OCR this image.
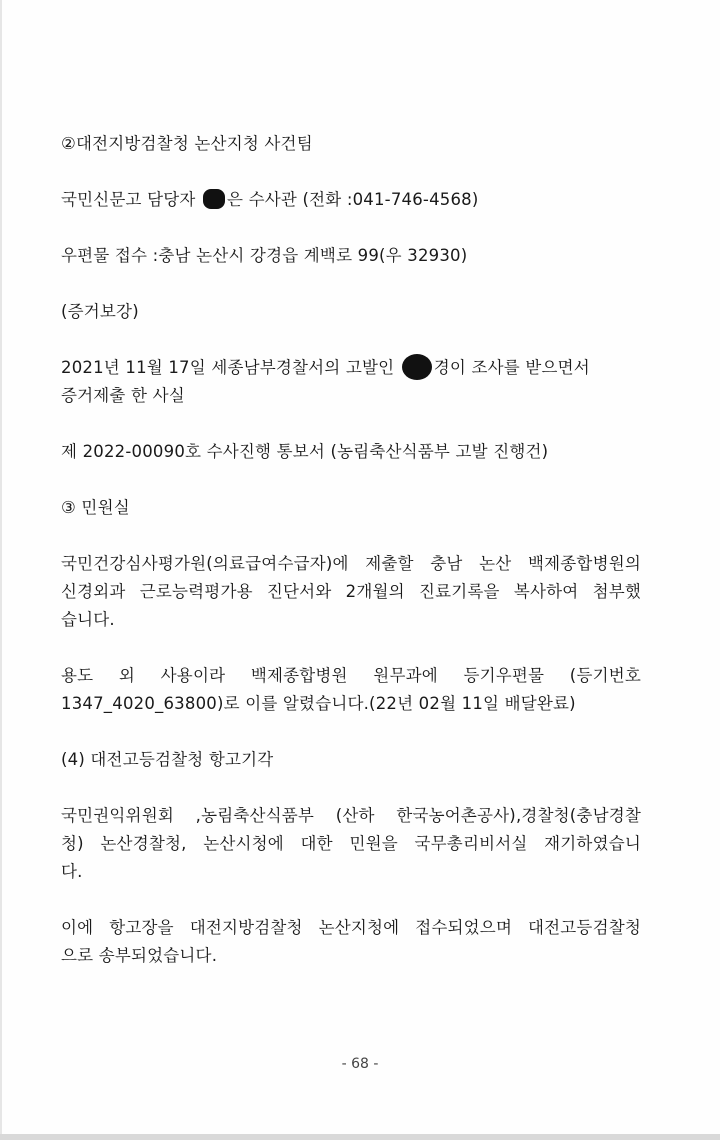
②대전지방검찰청 논산지청 사건팀
국민신문고 담당자 은 수사관 (전화 :041-746-4568)
우편물 접수 :충남 논산시 강경읍 계백로 99(우 32930)
(증거보강)
2021년 11월 17일 세종남부경찰서의 고발인 경이 조사를 받으면서
증거제출 한 사실
제 2022-00090호 수사진행 통보서 (농림축산식품부 고발 진행건)
③ 민원실
국민건강심사평가원(의료급여수급자)에 제출할 충남 논산 백제종합병원의
신경외과 근로능력평가용 진단서와 2개월의 진료기록을 복사하여 첨부했
습니다.
용도 외 사용이라 백제종합병원 원무과에 등기우편물 (등기번호
1347_4020_63800)로 이를 알렸습니다.(22년 02월 11일 배달완료)
(4) 대전고등검찰청 항고기각
국민권익위원회 ,농림축산식품부 (산하 한국농어촌공사),경찰청(충남경찰
청) 논산경찰청, 논산시청에 대한 민원을 국무총리비서실 재기하였습니
다.
이에 항고장을 대전지방검찰청 논산지청에 접수되었으며 대전고등검찰청
으로 송부되었습니다.
- 68 -
